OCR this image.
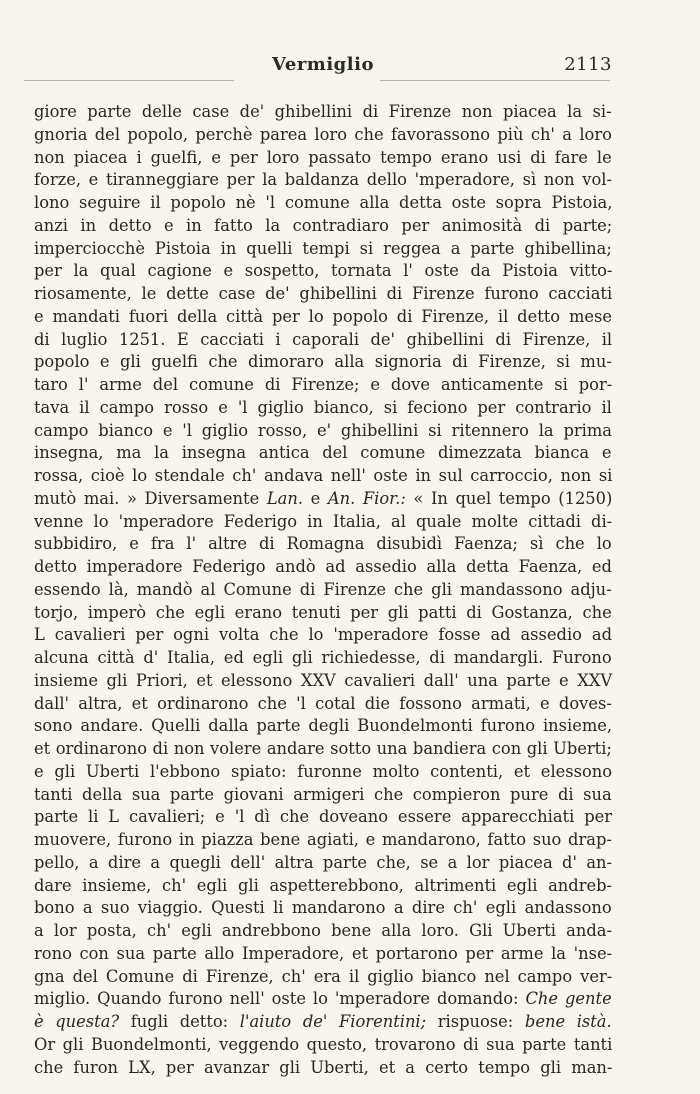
Vermiglio	2113
giore parte delle case de' ghibellini di Firenze non piacea la si-
gnoria del popolo, perchè parea loro che favorassono più ch' a loro
non piacea i guelfi, e per loro passato tempo erano usi di fare le
forze, e tiranneggiare per la baldanza dello 'mperadore, sì non vol-
lono seguire il popolo nè 'l comune alla detta oste sopra Pistoia,
anzi in detto e in fatto la contradiaro per animosità di parte;
imperciocchè Pistoia in quelli tempi si reggea a parte ghibellina;
per la qual cagione e sospetto, tornata l' oste da Pistoia vitto-
riosamente, le dette case de' ghibellini di Firenze furono cacciati
e mandati fuori della città per lo popolo di Firenze, il detto mese
di luglio 1251. E cacciati i caporali de' ghibellini di Firenze, il
popolo e gli guelfi che dimoraro alla signoria di Firenze, si mu-
taro l' arme del comune di Firenze; e dove anticamente si por-
tava il campo rosso e 'l giglio bianco, si feciono per contrario il
campo bianco e 'l giglio rosso, e' ghibellini si ritennero la prima
insegna, ma la insegna antica del comune dimezzata bianca e
rossa, cioè lo stendale ch' andava nell' oste in sul carroccio, non si
mutò mai. » Diversamente Lan. e An. Fior.: « In quel tempo (1250)
venne lo 'mperadore Federigo in Italia, al quale molte cittadi di-
subbidiro, e fra l' altre di Romagna disubidì Faenza; sì che lo
detto imperadore Federigo andò ad assedio alla detta Faenza, ed
essendo là, mandò al Comune di Firenze che gli mandassono adju-
torjo, imperò che egli erano tenuti per gli patti di Gostanza, che
L cavalieri per ogni volta che lo 'mperadore fosse ad assedio ad
alcuna città d' Italia, ed egli gli richiedesse, di mandargli. Furono
insieme gli Priori, et elessono XXV cavalieri dall' una parte e XXV
dall' altra, et ordinarono che 'l cotal die fossono armati, e doves-
sono andare. Quelli dalla parte degli Buondelmonti furono insieme,
et ordinarono di non volere andare sotto una bandiera con gli Uberti;
e gli Uberti l'ebbono spiato: furonne molto contenti, et elessono
tanti della sua parte giovani armigeri che compieron pure di sua
parte li L cavalieri; e 'l dì che doveano essere apparecchiati per
muovere, furono in piazza bene agiati, e mandarono, fatto suo drap-
pello, a dire a quegli dell' altra parte che, se a lor piacea d' an-
dare insieme, ch' egli gli aspetterebbono, altrimenti egli andreb-
bono a suo viaggio. Questi li mandarono a dire ch' egli andassono
a lor posta, ch' egli andrebbono bene alla loro. Gli Uberti anda-
rono con sua parte allo Imperadore, et portarono per arme la 'nse-
gna del Comune di Firenze, ch' era il giglio bianco nel campo ver-
miglio. Quando furono nell' oste lo 'mperadore domando: Che gente
è questa? fugli detto: l'aiuto de' Fiorentini; rispuose: bene istà.
Or gli Buondelmonti, veggendo questo, trovarono di sua parte tanti
che furon LX, per avanzar gli Uberti, et a certo tempo gli man-
